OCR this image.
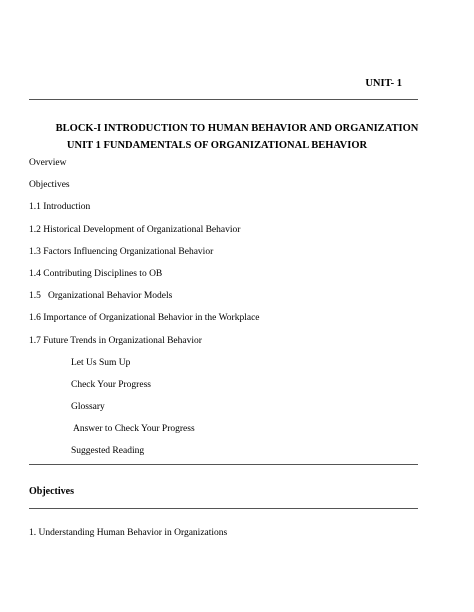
UNIT- 1
BLOCK-I INTRODUCTION TO HUMAN BEHAVIOR AND ORGANIZATION
UNIT 1 FUNDAMENTALS OF ORGANIZATIONAL BEHAVIOR
Overview
Objectives
1.1 Introduction
1.2 Historical Development of Organizational Behavior
1.3 Factors Influencing Organizational Behavior
1.4 Contributing Disciplines to OB
1.5   Organizational Behavior Models
1.6 Importance of Organizational Behavior in the Workplace
1.7 Future Trends in Organizational Behavior
Let Us Sum Up
Check Your Progress
Glossary
Answer to Check Your Progress
Suggested Reading
Objectives
1. Understanding Human Behavior in Organizations
